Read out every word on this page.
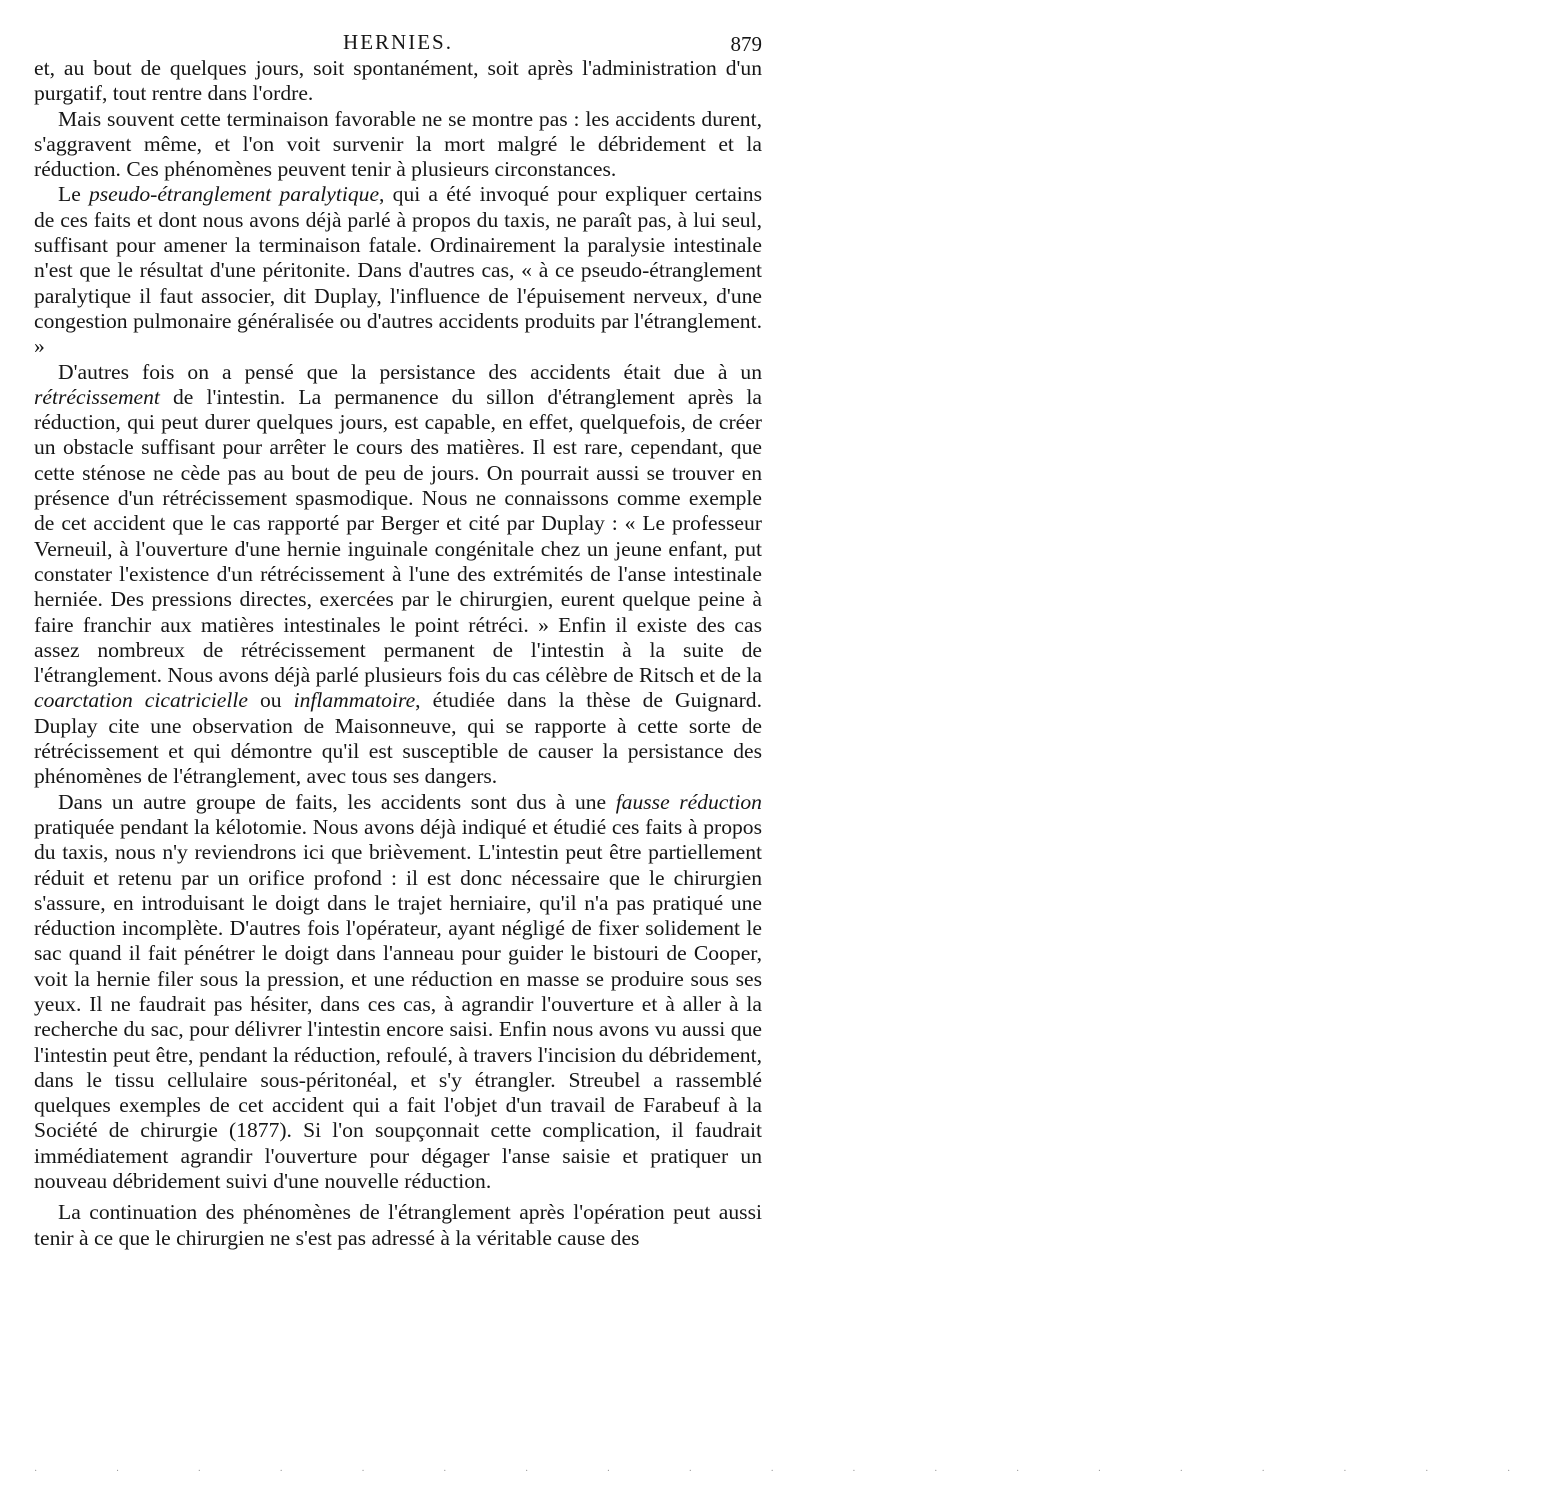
HERNIES.	879

et, au bout de quelques jours, soit spontanément, soit après l'administration d'un purgatif, tout rentre dans l'ordre.

Mais souvent cette terminaison favorable ne se montre pas : les accidents durent, s'aggravent même, et l'on voit survenir la mort malgré le débridement et la réduction. Ces phénomènes peuvent tenir à plusieurs circonstances.

Le pseudo-étranglement paralytique, qui a été invoqué pour expliquer certains de ces faits et dont nous avons déjà parlé à propos du taxis, ne paraît pas, à lui seul, suffisant pour amener la terminaison fatale. Ordinairement la paralysie intestinale n'est que le résultat d'une péritonite. Dans d'autres cas, « à ce pseudo-étranglement paralytique il faut associer, dit Duplay, l'influence de l'épuisement nerveux, d'une congestion pulmonaire généralisée ou d'autres accidents produits par l'étranglement. »

D'autres fois on a pensé que la persistance des accidents était due à un rétrécissement de l'intestin. La permanence du sillon d'étranglement après la réduction, qui peut durer quelques jours, est capable, en effet, quelquefois, de créer un obstacle suffisant pour arrêter le cours des matières. Il est rare, cependant, que cette sténose ne cède pas au bout de peu de jours. On pourrait aussi se trouver en présence d'un rétrécissement spasmodique. Nous ne connaissons comme exemple de cet accident que le cas rapporté par Berger et cité par Duplay : « Le professeur Verneuil, à l'ouverture d'une hernie inguinale congénitale chez un jeune enfant, put constater l'existence d'un rétrécissement à l'une des extrémités de l'anse intestinale herniée. Des pressions directes, exercées par le chirurgien, eurent quelque peine à faire franchir aux matières intestinales le point rétréci. » Enfin il existe des cas assez nombreux de rétrécissement permanent de l'intestin à la suite de l'étranglement. Nous avons déjà parlé plusieurs fois du cas célèbre de Ritsch et de la coarctation cicatricielle ou inflammatoire, étudiée dans la thèse de Guignard. Duplay cite une observation de Maisonneuve, qui se rapporte à cette sorte de rétrécissement et qui démontre qu'il est susceptible de causer la persistance des phénomènes de l'étranglement, avec tous ses dangers.

Dans un autre groupe de faits, les accidents sont dus à une fausse réduction pratiquée pendant la kélotomie. Nous avons déjà indiqué et étudié ces faits à propos du taxis, nous n'y reviendrons ici que brièvement. L'intestin peut être partiellement réduit et retenu par un orifice profond : il est donc nécessaire que le chirurgien s'assure, en introduisant le doigt dans le trajet herniaire, qu'il n'a pas pratiqué une réduction incomplète. D'autres fois l'opérateur, ayant négligé de fixer solidement le sac quand il fait pénétrer le doigt dans l'anneau pour guider le bistouri de Cooper, voit la hernie filer sous la pression, et une réduction en masse se produire sous ses yeux. Il ne faudrait pas hésiter, dans ces cas, à agrandir l'ouverture et à aller à la recherche du sac, pour délivrer l'intestin encore saisi. Enfin nous avons vu aussi que l'intestin peut être, pendant la réduction, refoulé, à travers l'incision du débridement, dans le tissu cellulaire sous-péritonéal, et s'y étrangler. Streubel a rassemblé quelques exemples de cet accident qui a fait l'objet d'un travail de Farabeuf à la Société de chirurgie (1877). Si l'on soupçonnait cette complication, il faudrait immédiatement agrandir l'ouverture pour dégager l'anse saisie et pratiquer un nouveau débridement suivi d'une nouvelle réduction.

La continuation des phénomènes de l'étranglement après l'opération peut aussi tenir à ce que le chirurgien ne s'est pas adressé à la véritable cause des

· · · · · · · · · · · · · · · · · · ·
